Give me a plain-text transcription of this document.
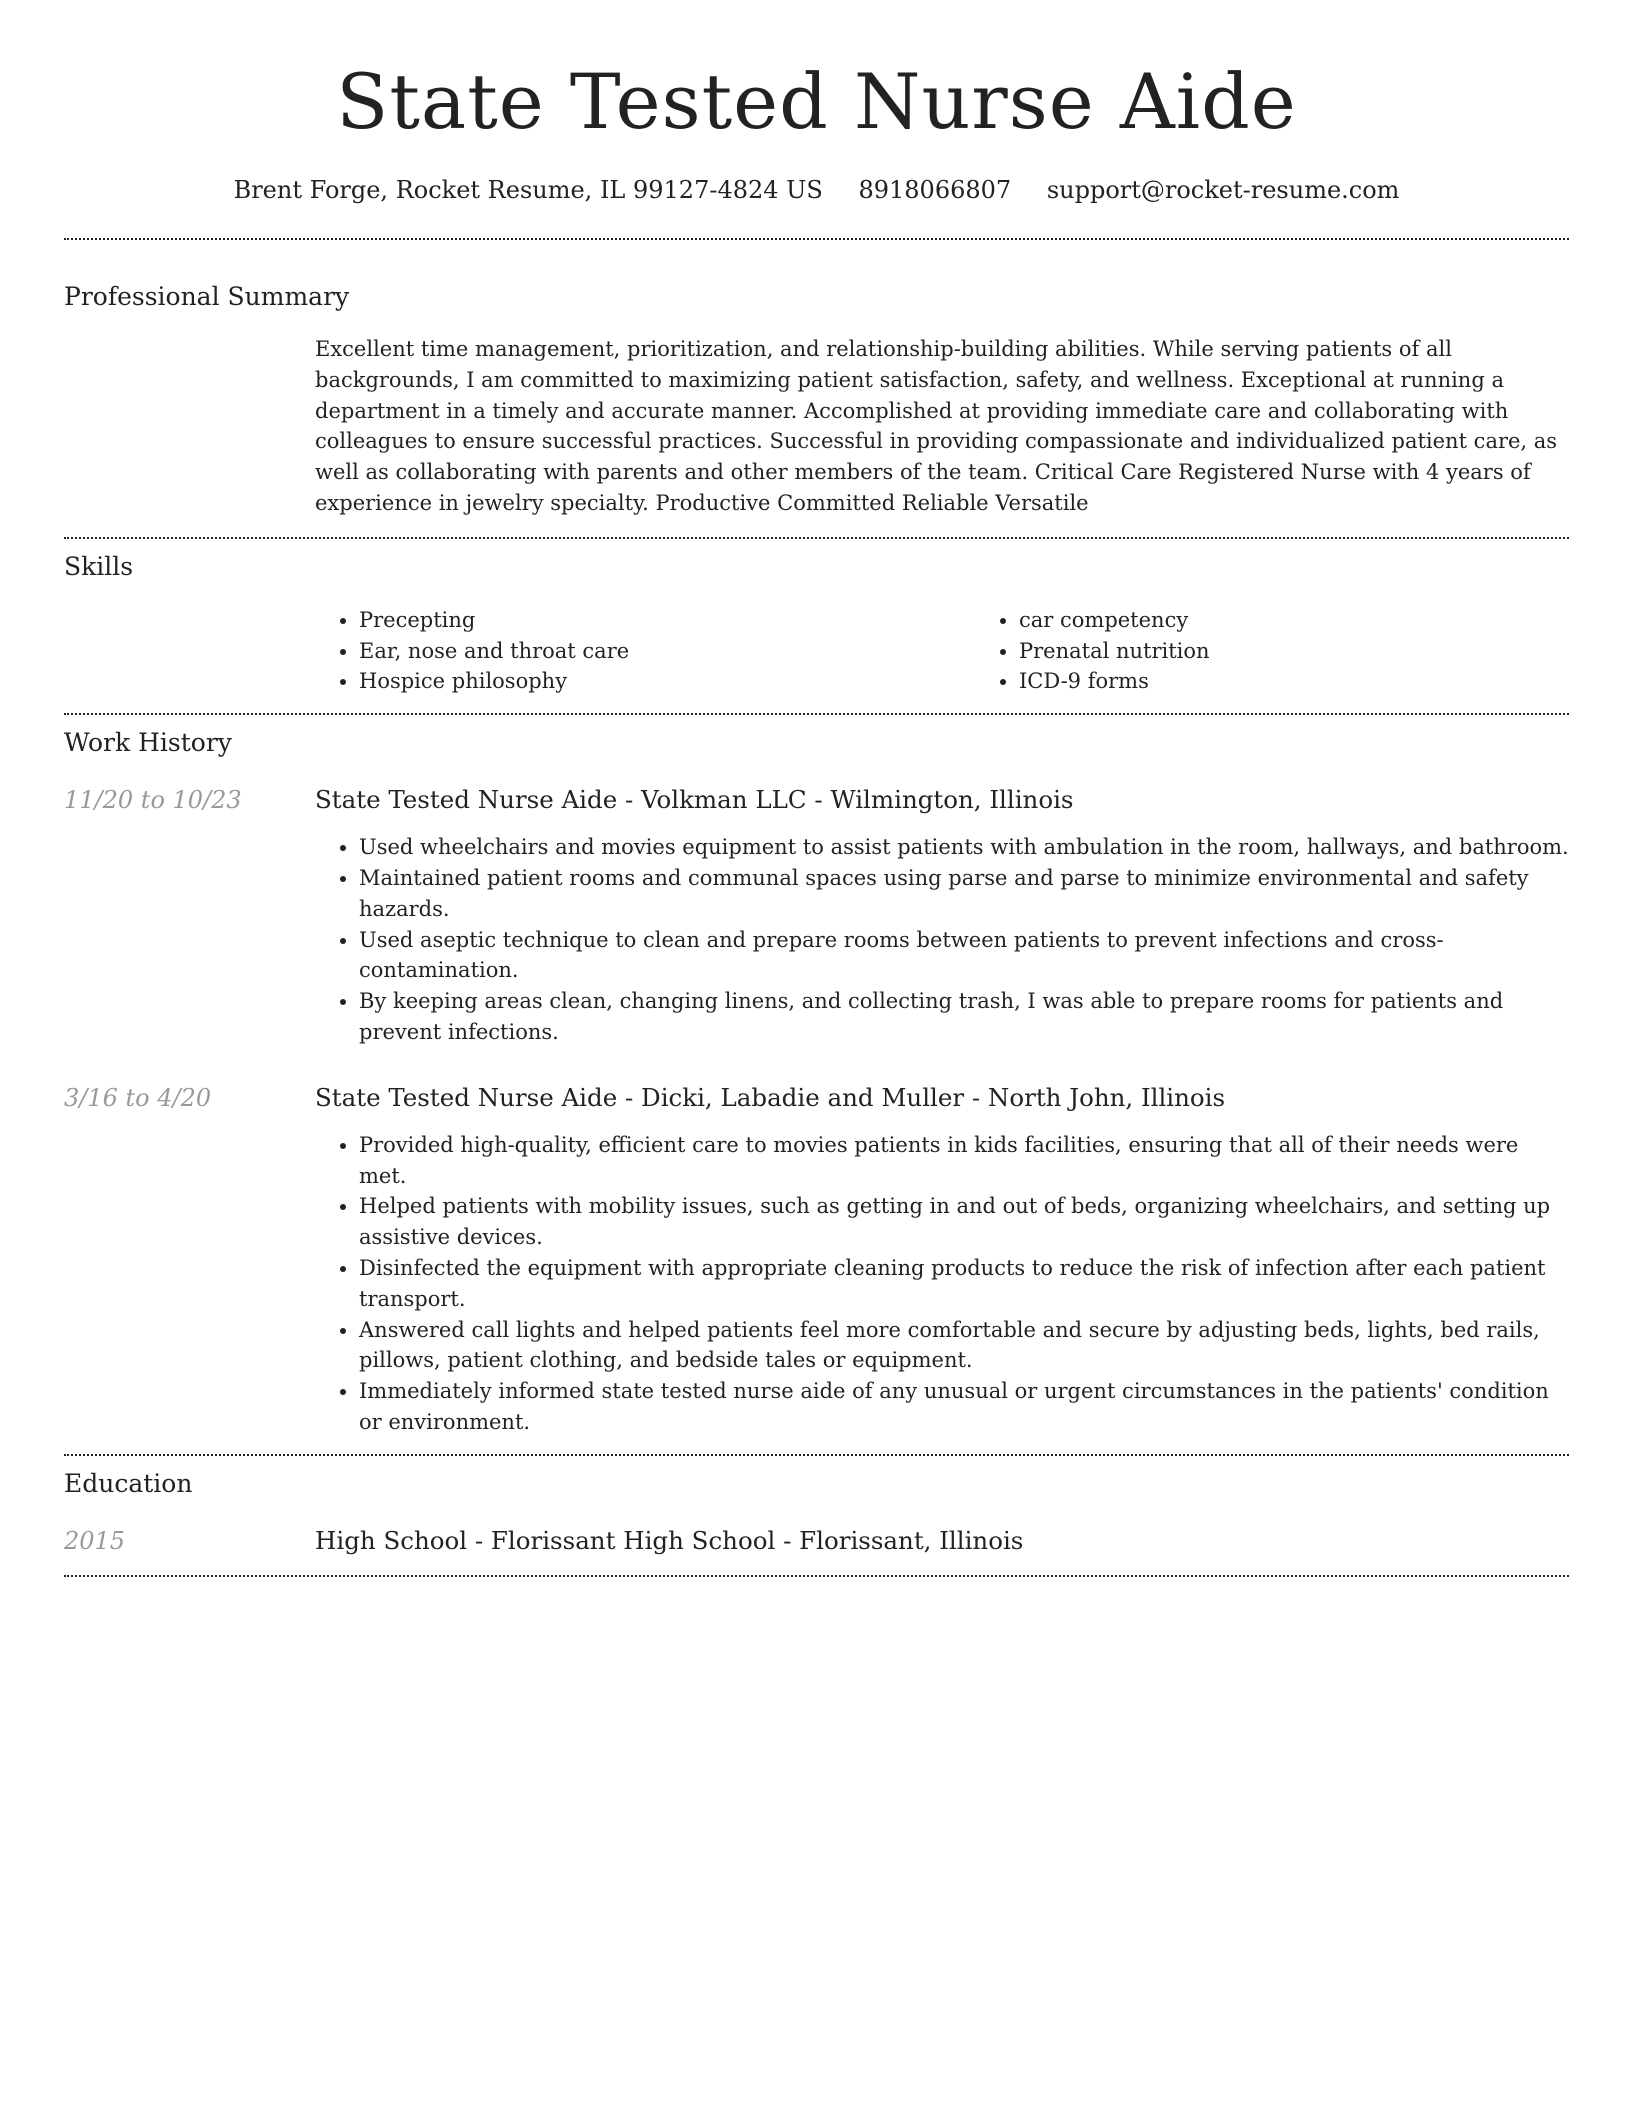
State Tested Nurse Aide
Brent Forge, Rocket Resume, IL 99127-4824 US 8918066807 support@rocket-resume.com
Professional Summary
Excellent time management, prioritization, and relationship-building abilities. While serving patients of all backgrounds, I am committed to maximizing patient satisfaction, safety, and wellness. Exceptional at running a department in a timely and accurate manner. Accomplished at providing immediate care and collaborating with colleagues to ensure successful practices. Successful in providing compassionate and individualized patient care, as well as collaborating with parents and other members of the team. Critical Care Registered Nurse with 4 years of experience in jewelry specialty. Productive Committed Reliable Versatile
Skills
• Precepting
• Ear, nose and throat care
• Hospice philosophy
• car competency
• Prenatal nutrition
• ICD-9 forms
Work History
11/20 to 10/23	State Tested Nurse Aide - Volkman LLC - Wilmington, Illinois
• Used wheelchairs and movies equipment to assist patients with ambulation in the room, hallways, and bathroom.
• Maintained patient rooms and communal spaces using parse and parse to minimize environmental and safety hazards.
• Used aseptic technique to clean and prepare rooms between patients to prevent infections and cross-contamination.
• By keeping areas clean, changing linens, and collecting trash, I was able to prepare rooms for patients and prevent infections.
3/16 to 4/20	State Tested Nurse Aide - Dicki, Labadie and Muller - North John, Illinois
• Provided high-quality, efficient care to movies patients in kids facilities, ensuring that all of their needs were met.
• Helped patients with mobility issues, such as getting in and out of beds, organizing wheelchairs, and setting up assistive devices.
• Disinfected the equipment with appropriate cleaning products to reduce the risk of infection after each patient transport.
• Answered call lights and helped patients feel more comfortable and secure by adjusting beds, lights, bed rails, pillows, patient clothing, and bedside tales or equipment.
• Immediately informed state tested nurse aide of any unusual or urgent circumstances in the patients' condition or environment.
Education
2015	High School - Florissant High School - Florissant, Illinois
